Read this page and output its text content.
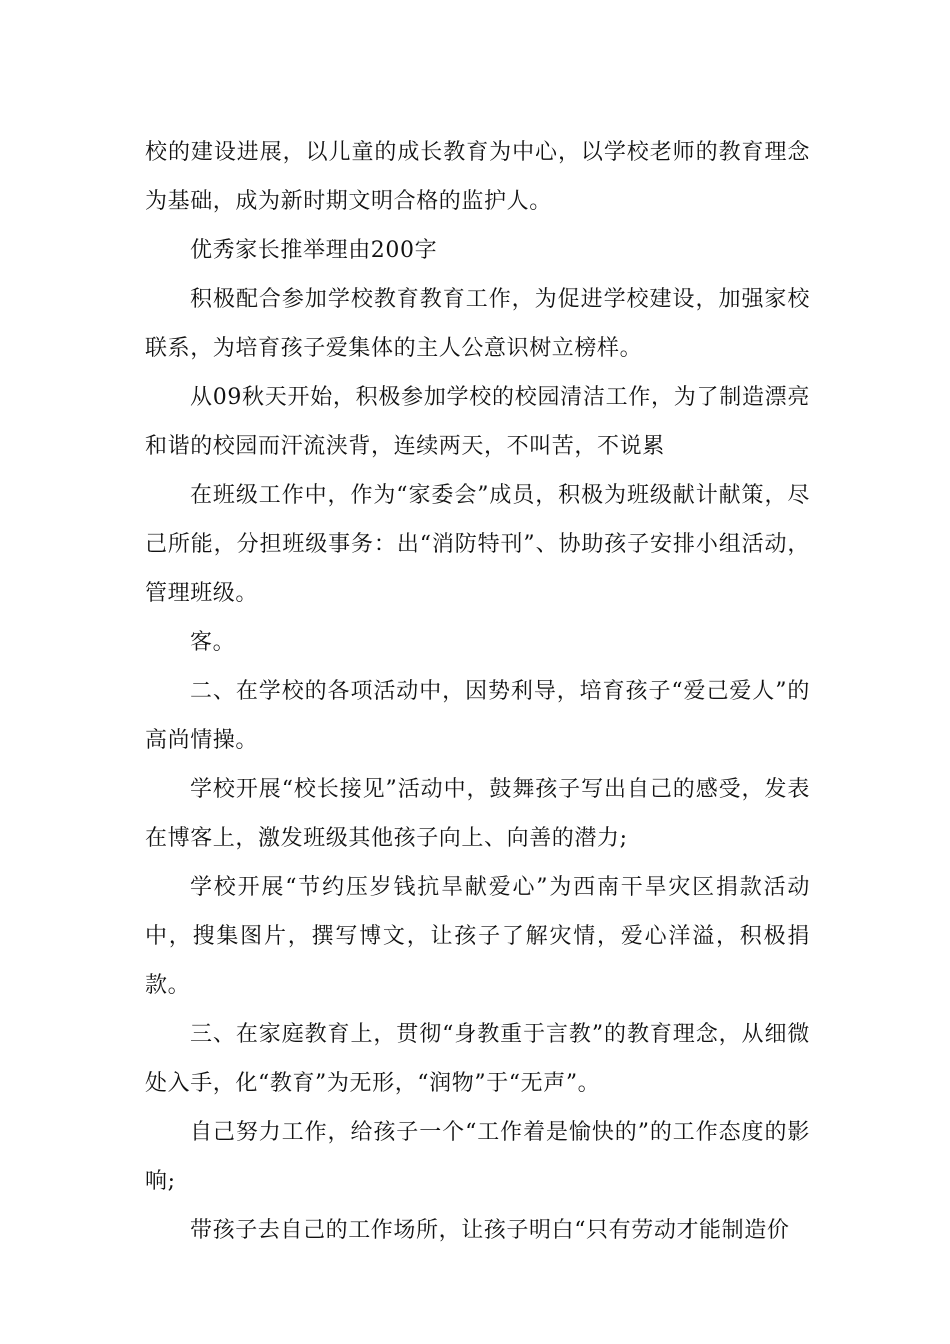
校的建设进展，以儿童的成长教育为中心，以学校老师的教育理念为基础，成为新时期文明合格的监护人。

优秀家长推举理由200字

积极配合参加学校教育教育工作，为促进学校建设，加强家校联系，为培育孩子爱集体的主人公意识树立榜样。

从09秋天开始，积极参加学校的校园清洁工作，为了制造漂亮和谐的校园而汗流浃背，连续两天，不叫苦，不说累

在班级工作中，作为“家委会”成员，积极为班级献计献策，尽己所能，分担班级事务：出“消防特刊”、协助孩子安排小组活动，管理班级。

客。

二、在学校的各项活动中，因势利导，培育孩子“爱己爱人”的高尚情操。

学校开展“校长接见”活动中，鼓舞孩子写出自己的感受，发表在博客上，激发班级其他孩子向上、向善的潜力;

学校开展“节约压岁钱抗旱献爱心”为西南干旱灾区捐款活动中，搜集图片，撰写博文，让孩子了解灾情，爱心洋溢，积极捐款。

三、在家庭教育上，贯彻“身教重于言教”的教育理念，从细微处入手，化“教育”为无形，“润物”于“无声”。

自己努力工作，给孩子一个“工作着是愉快的”的工作态度的影响;

带孩子去自己的工作场所，让孩子明白“只有劳动才能制造价
